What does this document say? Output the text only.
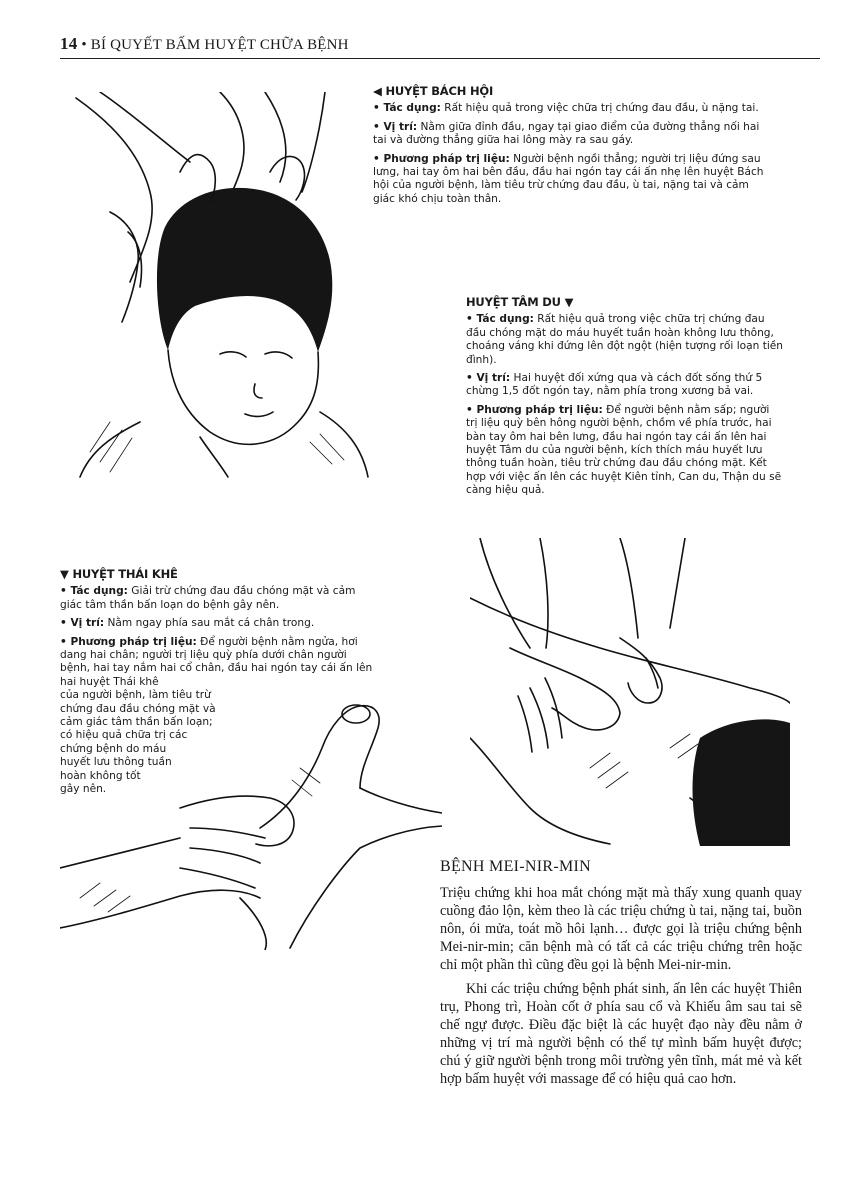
14 • BÍ QUYẾT BẤM HUYỆT CHỮA BỆNH
◀ HUYỆT BÁCH HỘI

• Tác dụng: Rất hiệu quả trong việc chữa trị chứng đau đầu, ù nặng tai.

• Vị trí: Nằm giữa đỉnh đầu, ngay tại giao điểm của đường thẳng nối hai tai và đường thẳng giữa hai lông mày ra sau gáy.

• Phương pháp trị liệu: Người bệnh ngồi thẳng; người trị liệu đứng sau lưng, hai tay ôm hai bên đầu, đầu hai ngón tay cái ấn nhẹ lên huyệt Bách hội của người bệnh, làm tiêu trừ chứng đau đầu, ù tai, nặng tai và cảm giác khó chịu toàn thân.

HUYỆT TÂM DU ▼

• Tác dụng: Rất hiệu quả trong việc chữa trị chứng đau đầu chóng mặt do máu huyết tuần hoàn không lưu thông, choáng váng khi đứng lên đột ngột (hiện tượng rối loạn tiền đình).

• Vị trí: Hai huyệt đối xứng qua và cách đốt sống thứ 5 chừng 1,5 đốt ngón tay, nằm phía trong xương bả vai.

• Phương pháp trị liệu: Để người bệnh nằm sấp; người trị liệu quỳ bên hông người bệnh, chồm về phía trước, hai bàn tay ôm hai bên lưng, đầu hai ngón tay cái ấn lên hai huyệt Tâm du của người bệnh, kích thích máu huyết lưu thông tuần hoàn, tiêu trừ chứng đau đầu chóng mặt. Kết hợp với việc ấn lên các huyệt Kiên tỉnh, Can du, Thận du sẽ càng hiệu quả.

▼ HUYỆT THÁI KHÊ

• Tác dụng: Giải trừ chứng đau đầu chóng mặt và cảm giác tâm thần bấn loạn do bệnh gây nên.

• Vị trí: Nằm ngay phía sau mắt cá chân trong.

• Phương pháp trị liệu: Để người bệnh nằm ngửa, hơi dang hai chân; người trị liệu quỳ phía dưới chân người bệnh, hai tay nắm hai cổ chân, đầu hai ngón tay cái ấn lên hai huyệt Thái khê

của người bệnh, làm tiêu trừ
chứng đau đầu chóng mặt và
cảm giác tâm thần bấn loạn;
có hiệu quả chữa trị các
chứng bệnh do máu
huyết lưu thông tuần
hoàn không tốt
gây nên.
BỆNH MEI-NIR-MIN

Triệu chứng khi hoa mắt chóng mặt mà thấy xung quanh quay cuồng đảo lộn, kèm theo là các triệu chứng ù tai, nặng tai, buồn nôn, ói mửa, toát mồ hôi lạnh… được gọi là triệu chứng bệnh Mei-nir-min; căn bệnh mà có tất cả các triệu chứng trên hoặc chỉ một phần thì cũng đều gọi là bệnh Mei-nir-min.

Khi các triệu chứng bệnh phát sinh, ấn lên các huyệt Thiên trụ, Phong trì, Hoàn cốt ở phía sau cổ và Khiếu âm sau tai sẽ chế ngự được. Điều đặc biệt là các huyệt đạo này đều nằm ở những vị trí mà người bệnh có thể tự mình bấm huyệt được; chú ý giữ người bệnh trong môi trường yên tĩnh, mát mẻ và kết hợp bấm huyệt với massage để có hiệu quả cao hơn.
